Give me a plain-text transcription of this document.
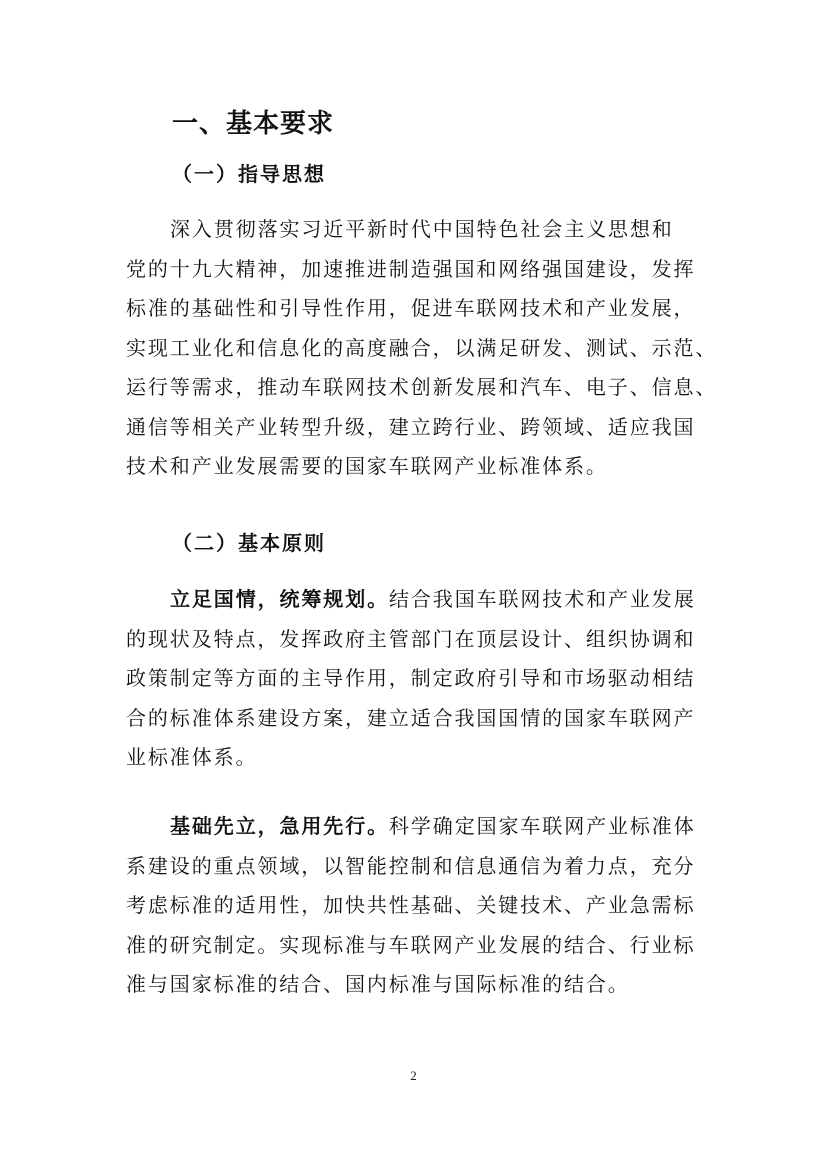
一、基本要求
（一）指导思想
深入贯彻落实习近平新时代中国特色社会主义思想和
党的十九大精神，加速推进制造强国和网络强国建设，发挥
标准的基础性和引导性作用，促进车联网技术和产业发展，
实现工业化和信息化的高度融合，以满足研发、测试、示范、
运行等需求，推动车联网技术创新发展和汽车、电子、信息、
通信等相关产业转型升级，建立跨行业、跨领域、适应我国
技术和产业发展需要的国家车联网产业标准体系。
（二）基本原则
立足国情，统筹规划。结合我国车联网技术和产业发展
的现状及特点，发挥政府主管部门在顶层设计、组织协调和
政策制定等方面的主导作用，制定政府引导和市场驱动相结
合的标准体系建设方案，建立适合我国国情的国家车联网产
业标准体系。
基础先立，急用先行。科学确定国家车联网产业标准体
系建设的重点领域，以智能控制和信息通信为着力点，充分
考虑标准的适用性，加快共性基础、关键技术、产业急需标
准的研究制定。实现标准与车联网产业发展的结合、行业标
准与国家标准的结合、国内标准与国际标准的结合。
2
